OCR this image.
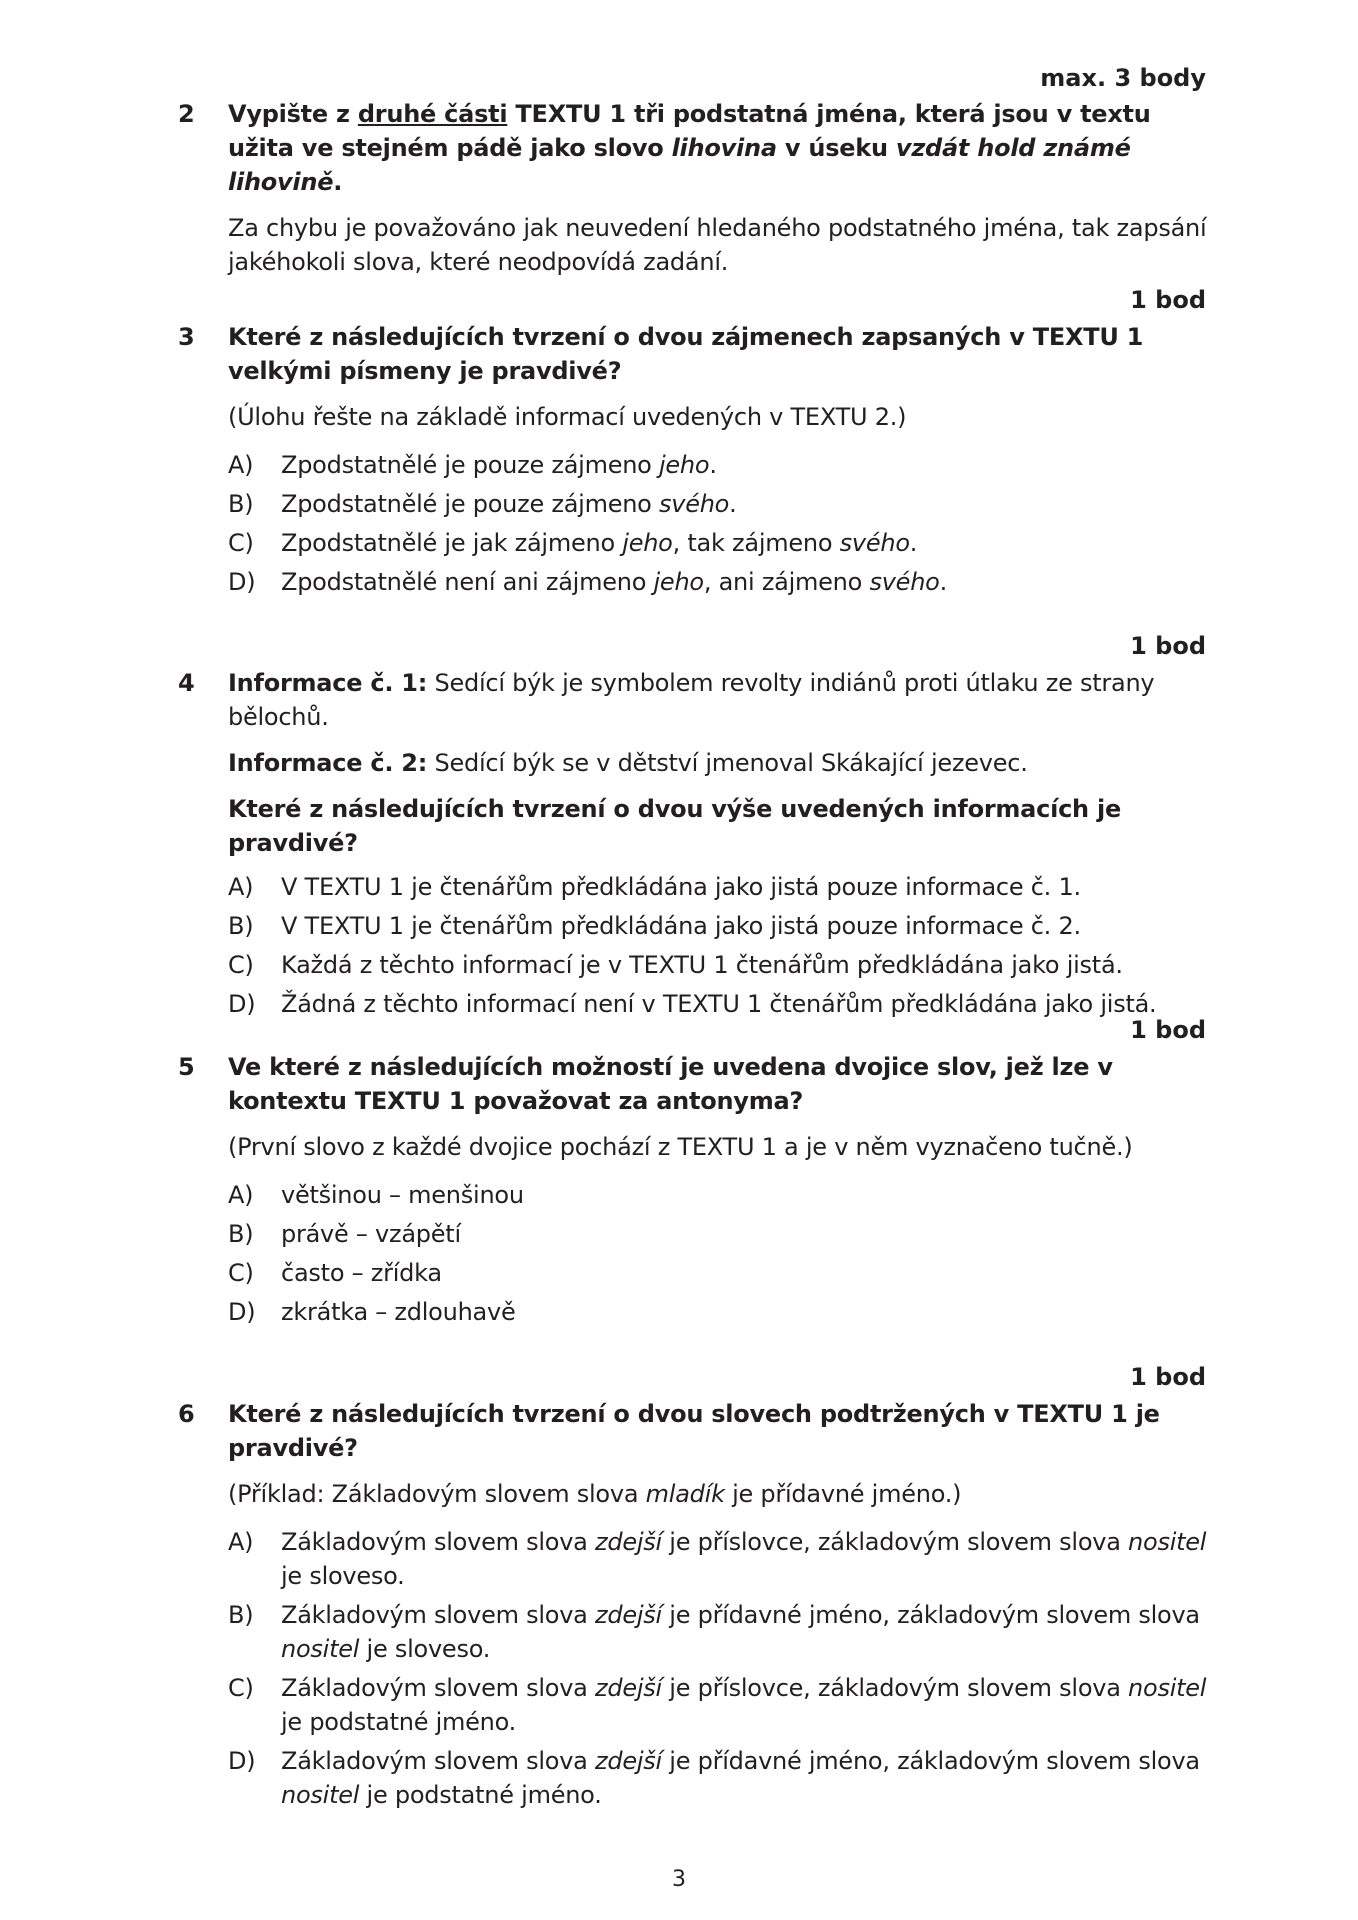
max. 3 body
2 Vypište z druhé části TEXTU 1 tři podstatná jména, která jsou v textu užita ve stejném pádě jako slovo lihovina v úseku vzdát hold známé lihovině.
Za chybu je považováno jak neuvedení hledaného podstatného jména, tak zapsání jakéhokoli slova, které neodpovídá zadání.
1 bod
3 Které z následujících tvrzení o dvou zájmenech zapsaných v TEXTU 1 velkými písmeny je pravdivé?
(Úlohu řešte na základě informací uvedených v TEXTU 2.)
A)	Zpodstatnělé je pouze zájmeno jeho.
B)	Zpodstatnělé je pouze zájmeno svého.
C)	Zpodstatnělé je jak zájmeno jeho, tak zájmeno svého.
D)	Zpodstatnělé není ani zájmeno jeho, ani zájmeno svého.
1 bod
4 Informace č. 1: Sedící býk je symbolem revolty indiánů proti útlaku ze strany bělochů.
Informace č. 2: Sedící býk se v dětství jmenoval Skákající jezevec.
Které z následujících tvrzení o dvou výše uvedených informacích je pravdivé?
A)	V TEXTU 1 je čtenářům předkládána jako jistá pouze informace č. 1.
B)	V TEXTU 1 je čtenářům předkládána jako jistá pouze informace č. 2.
C)	Každá z těchto informací je v TEXTU 1 čtenářům předkládána jako jistá.
D)	Žádná z těchto informací není v TEXTU 1 čtenářům předkládána jako jistá.
1 bod
5 Ve které z následujících možností je uvedena dvojice slov, jež lze v kontextu TEXTU 1 považovat za antonyma?
(První slovo z každé dvojice pochází z TEXTU 1 a je v něm vyznačeno tučně.)
A)	většinou – menšinou
B)	právě – vzápětí
C)	často – zřídka
D)	zkrátka – zdlouhavě
1 bod
6 Které z následujících tvrzení o dvou slovech podtržených v TEXTU 1 je pravdivé?
(Příklad: Základovým slovem slova mladík je přídavné jméno.)
A)	Základovým slovem slova zdejší je příslovce, základovým slovem slova nositel je sloveso.
B)	Základovým slovem slova zdejší je přídavné jméno, základovým slovem slova nositel je sloveso.
C)	Základovým slovem slova zdejší je příslovce, základovým slovem slova nositel je podstatné jméno.
D)	Základovým slovem slova zdejší je přídavné jméno, základovým slovem slova nositel je podstatné jméno.
3
